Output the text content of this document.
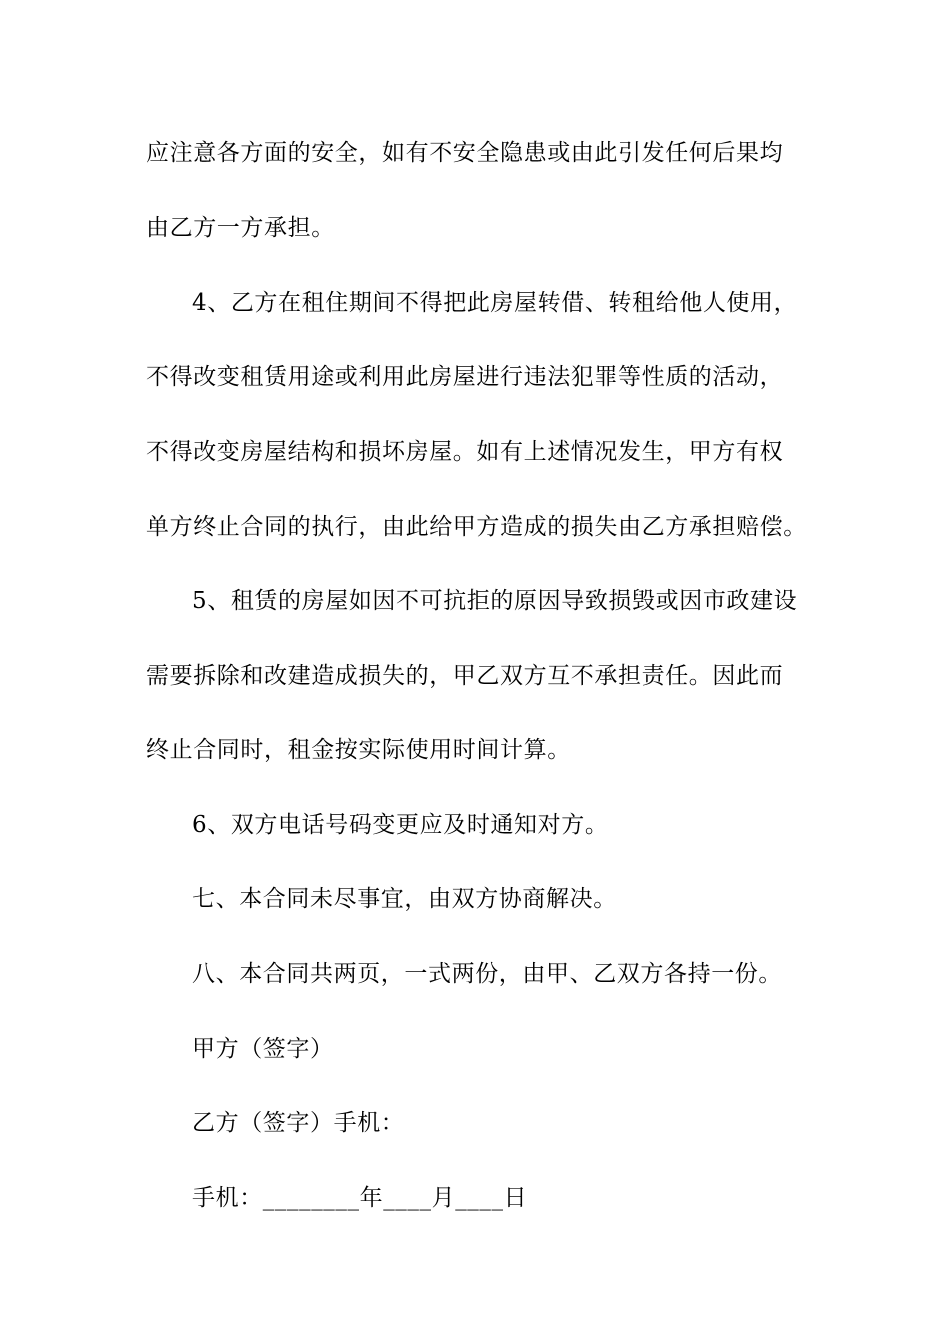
应注意各方面的安全，如有不安全隐患或由此引发任何后果均
由乙方一方承担。
4、乙方在租住期间不得把此房屋转借、转租给他人使用，
不得改变租赁用途或利用此房屋进行违法犯罪等性质的活动，
不得改变房屋结构和损坏房屋。如有上述情况发生，甲方有权
单方终止合同的执行，由此给甲方造成的损失由乙方承担赔偿。
5、租赁的房屋如因不可抗拒的原因导致损毁或因市政建设
需要拆除和改建造成损失的，甲乙双方互不承担责任。因此而
终止合同时，租金按实际使用时间计算。
6、双方电话号码变更应及时通知对方。
七、本合同未尽事宜，由双方协商解决。
八、本合同共两页，一式两份，由甲、乙双方各持一份。
甲方（签字）
乙方（签字）手机：
手机：________年____月____日
